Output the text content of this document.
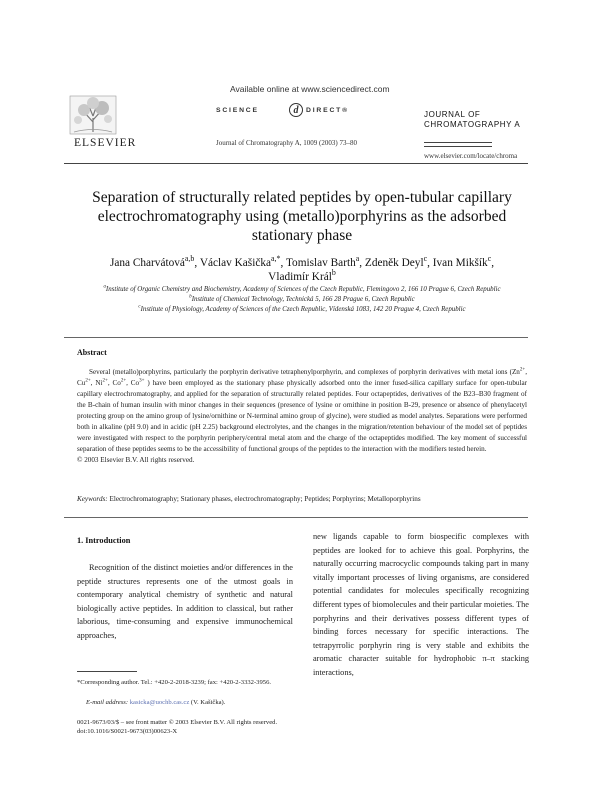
ELSEVIER
Available online at www.sciencedirect.com
SCIENCE	d	DIRECT®
Journal of Chromatography A, 1009 (2003) 73–80
JOURNAL OF
CHROMATOGRAPHY A
www.elsevier.com/locate/chroma
Separation of structurally related peptides by open-tubular capillary electrochromatography using (metallo)porphyrins as the adsorbed stationary phase
Jana Charvátová$^{a,b}$, Václav Kašička$^{a,*}$, Tomislav Barth$^a$, Zdeněk Deyl$^c$, Ivan Mikšík$^c$,
Vladimír Král$^b$
$^a$Institute of Organic Chemistry and Biochemistry, Academy of Sciences of the Czech Republic, Flemingovo 2, 166 10 Prague 6, Czech Republic
$^b$Institute of Chemical Technology, Technická 5, 166 28 Prague 6, Czech Republic
$^c$Institute of Physiology, Academy of Sciences of the Czech Republic, Vídenská 1083, 142 20 Prague 4, Czech Republic
Abstract
Several (metallo)porphyrins, particularly the porphyrin derivative tetraphenylporphyrin, and complexes of porphyrin derivatives with metal ions ($Zn^{2+}$, $Cu^{2+}$, $Ni^{2+}$, $Co^{2+}$, $Co^{3+}$ ) have been employed as the stationary phase physically adsorbed onto the inner fused-silica capillary surface for open-tubular capillary electrochromatography, and applied for the separation of structurally related peptides. Four octapeptides, derivatives of the B23–B30 fragment of the B-chain of human insulin with minor changes in their sequences (presence of lysine or ornithine in position B-29, presence or absence of phenylacetyl protecting group on the amino group of lysine/ornithine or N-terminal amino group of glycine), were studied as model analytes. Separations were performed both in alkaline (pH 9.0) and in acidic (pH 2.25) background electrolytes, and the changes in the migration/retention behaviour of the model set of peptides were investigated with respect to the porphyrin periphery/central metal atom and the charge of the octapeptides modified. The key moment of successful separation of these peptides seems to be the accessibility of functional groups of the peptides to the interaction with the modifiers tested herein.
© 2003 Elsevier B.V. All rights reserved.
Keywords: Electrochromatography; Stationary phases, electrochromatography; Peptides; Porphyrins; Metalloporphyrins
1. Introduction
Recognition of the distinct moieties and/or differences in the peptide structures represents one of the utmost goals in contemporary analytical chemistry of synthetic and natural biologically active peptides. In addition to classical, but rather laborious, time-consuming and expensive immunochemical approaches,
new ligands capable to form biospecific complexes with peptides are looked for to achieve this goal. Porphyrins, the naturally occurring macrocyclic compounds taking part in many vitally important processes of living organisms, are considered potential candidates for molecules specifically recognizing different types of biomolecules and their particular moieties. The porphyrins and their derivatives possess different types of binding forces necessary for specific interactions. The tetrapyrrolic porphyrin ring is very stable and exhibits the aromatic character suitable for hydrophobic π–π stacking interactions,
*Corresponding author. Tel.: +420-2-2018-3239; fax: +420-2-3332-3956.
E-mail address: kasicka@uochb.cas.cz (V. Kašička).
0021-9673/03/$ – see front matter © 2003 Elsevier B.V. All rights reserved.
doi:10.1016/S0021-9673(03)00623-X
